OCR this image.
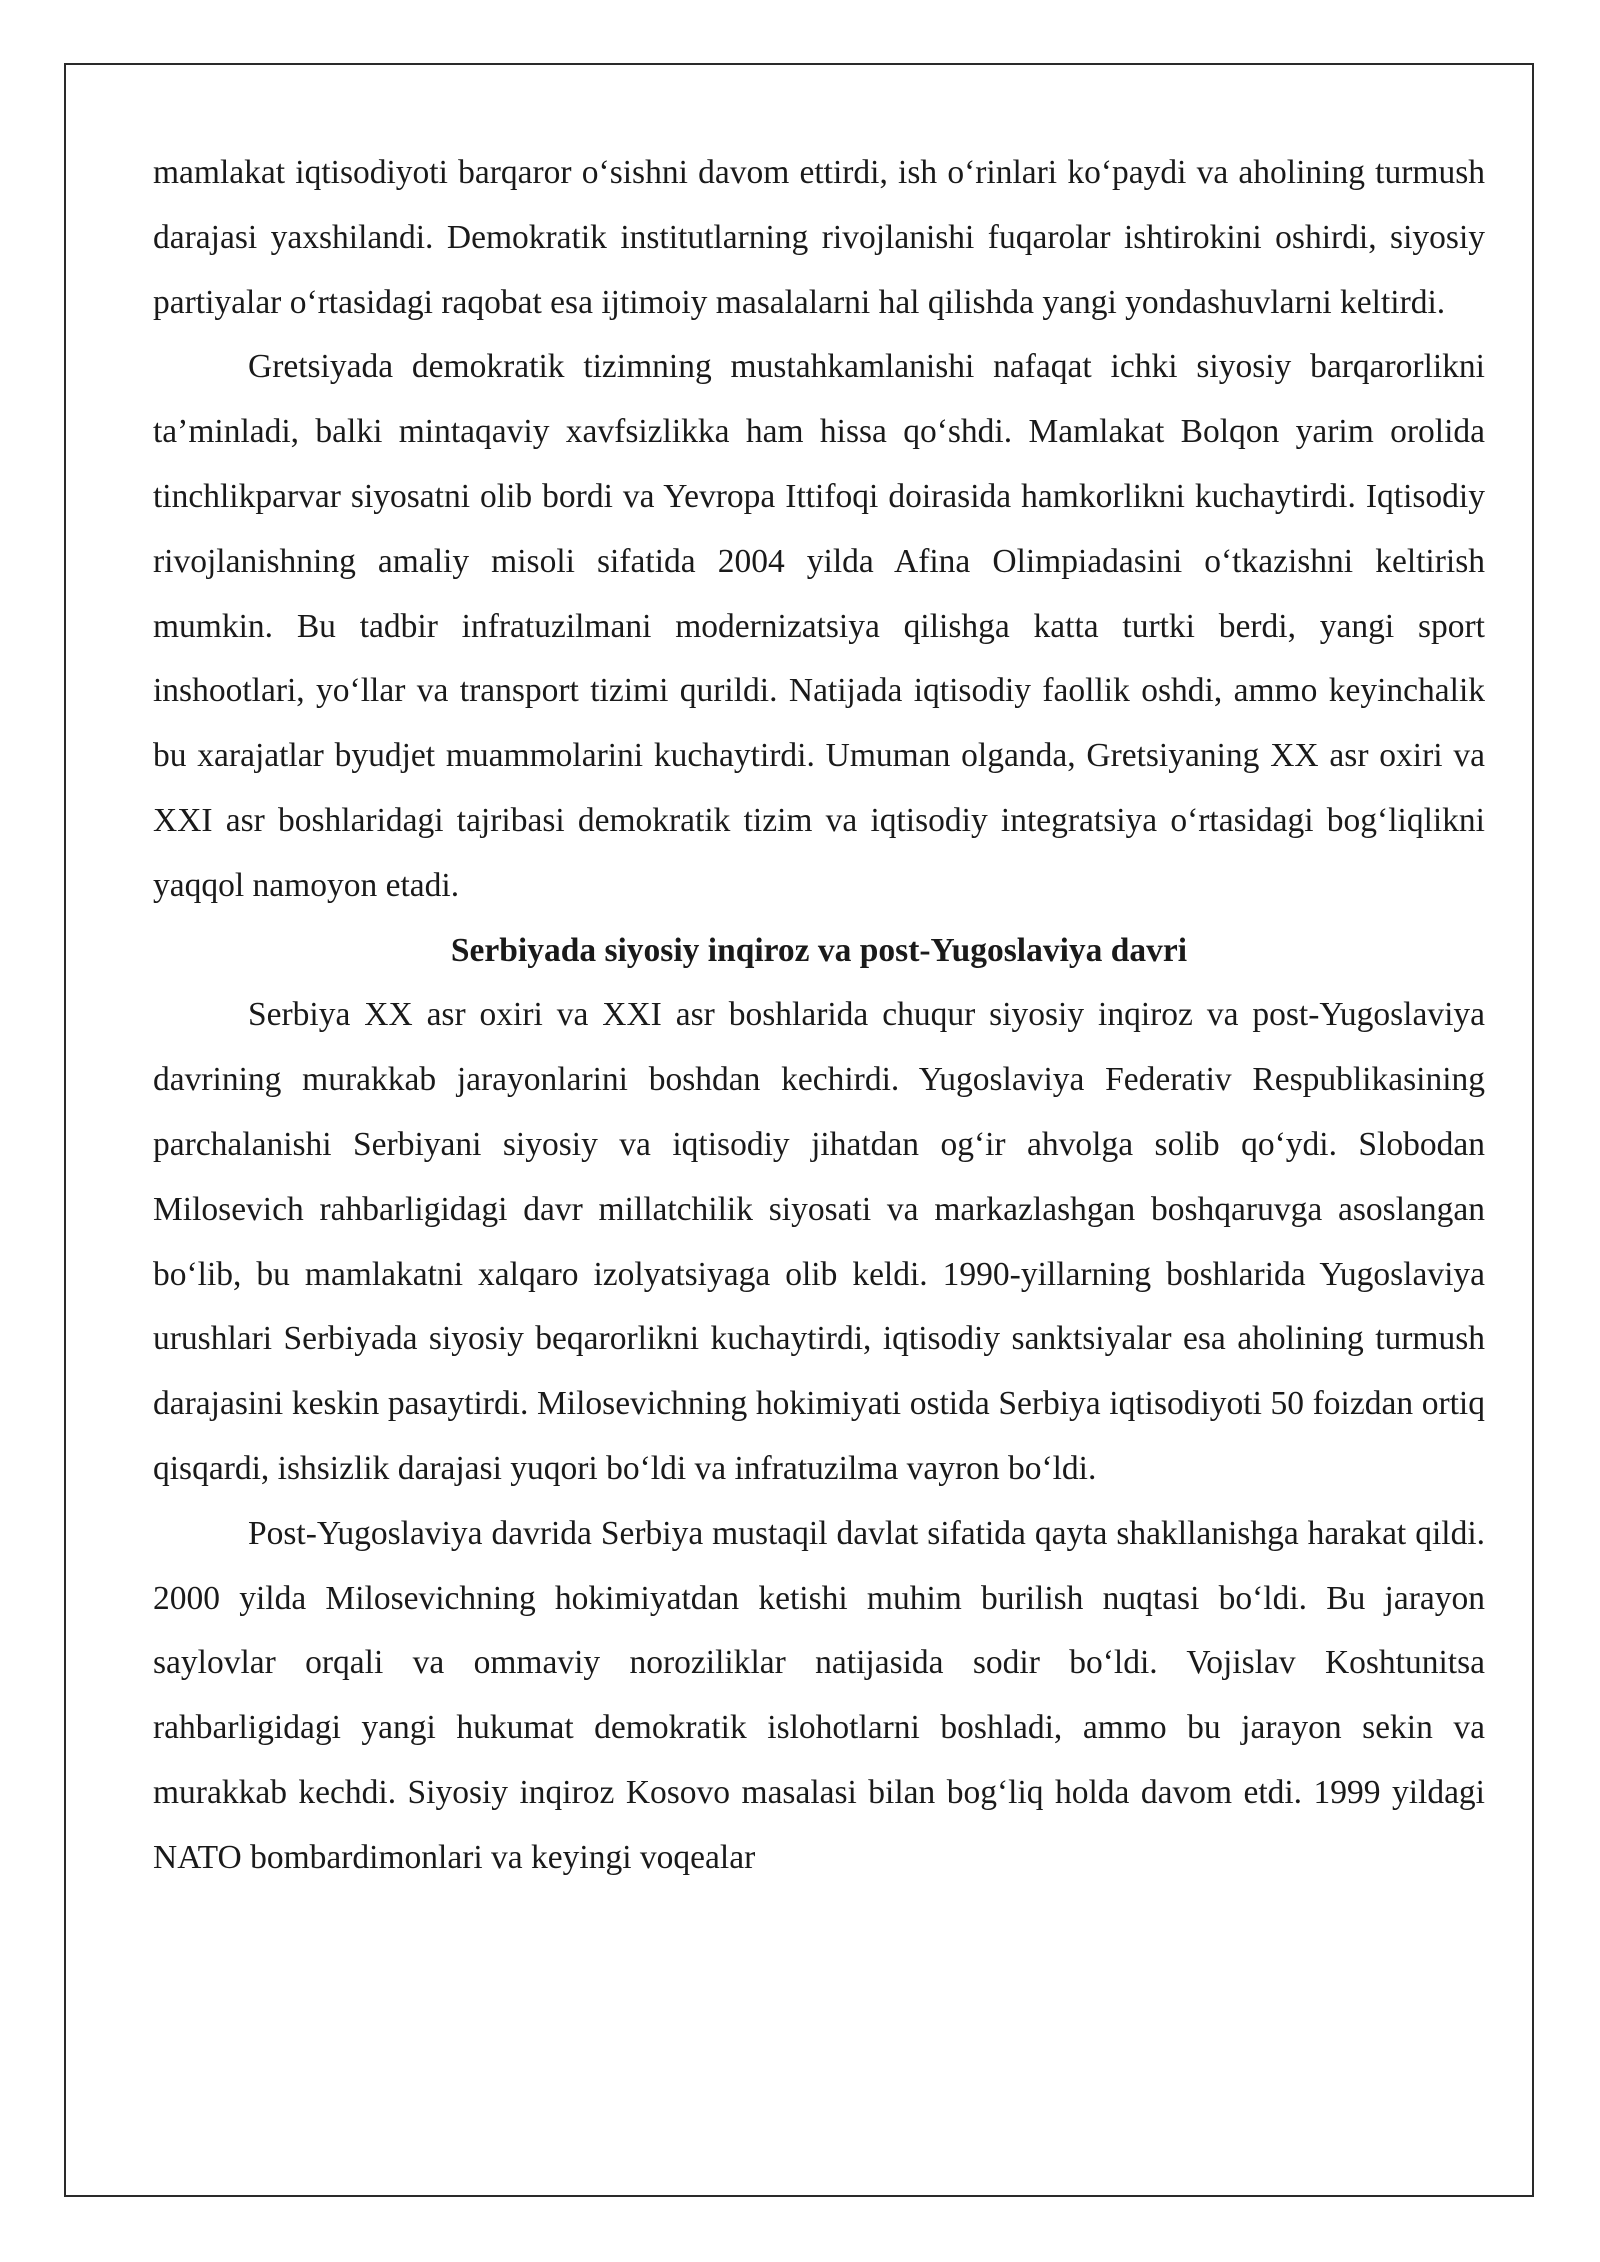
mamlakat iqtisodiyoti barqaror o‘sishni davom ettirdi, ish o‘rinlari ko‘paydi va aholining turmush darajasi yaxshilandi. Demokratik institutlarning rivojlanishi fuqarolar ishtirokini oshirdi, siyosiy partiyalar o‘rtasidagi raqobat esa ijtimoiy masalalarni hal qilishda yangi yondashuvlarni keltirdi.

Gretsiyada demokratik tizimning mustahkamlanishi nafaqat ichki siyosiy barqarorlikni ta’minladi, balki mintaqaviy xavfsizlikka ham hissa qo‘shdi. Mamlakat Bolqon yarim orolida tinchlikparvar siyosatni olib bordi va Yevropa Ittifoqi doirasida hamkorlikni kuchaytirdi. Iqtisodiy rivojlanishning amaliy misoli sifatida 2004 yilda Afina Olimpiadasini o‘tkazishni keltirish mumkin. Bu tadbir infratuzilmani modernizatsiya qilishga katta turtki berdi, yangi sport inshootlari, yo‘llar va transport tizimi qurildi. Natijada iqtisodiy faollik oshdi, ammo keyinchalik bu xarajatlar byudjet muammolarini kuchaytirdi. Umuman olganda, Gretsiyaning XX asr oxiri va XXI asr boshlaridagi tajribasi demokratik tizim va iqtisodiy integratsiya o‘rtasidagi bog‘liqlikni yaqqol namoyon etadi.

Serbiyada siyosiy inqiroz va post-Yugoslaviya davri

Serbiya XX asr oxiri va XXI asr boshlarida chuqur siyosiy inqiroz va post-Yugoslaviya davrining murakkab jarayonlarini boshdan kechirdi. Yugoslaviya Federativ Respublikasining parchalanishi Serbiyani siyosiy va iqtisodiy jihatdan og‘ir ahvolga solib qo‘ydi. Slobodan Milosevich rahbarligidagi davr millatchilik siyosati va markazlashgan boshqaruvga asoslangan bo‘lib, bu mamlakatni xalqaro izolyatsiyaga olib keldi. 1990-yillarning boshlarida Yugoslaviya urushlari Serbiyada siyosiy beqarorlikni kuchaytirdi, iqtisodiy sanktsiyalar esa aholining turmush darajasini keskin pasaytirdi. Milosevichning hokimiyati ostida Serbiya iqtisodiyoti 50 foizdan ortiq qisqardi, ishsizlik darajasi yuqori bo‘ldi va infratuzilma vayron bo‘ldi.

Post-Yugoslaviya davrida Serbiya mustaqil davlat sifatida qayta shakllanishga harakat qildi. 2000 yilda Milosevichning hokimiyatdan ketishi muhim burilish nuqtasi bo‘ldi. Bu jarayon saylovlar orqali va ommaviy noroziliklar natijasida sodir bo‘ldi. Vojislav Koshtunitsa rahbarligidagi yangi hukumat demokratik islohotlarni boshladi, ammo bu jarayon sekin va murakkab kechdi. Siyosiy inqiroz Kosovo masalasi bilan bog‘liq holda davom etdi. 1999 yildagi NATO bombardimonlari va keyingi voqealar
